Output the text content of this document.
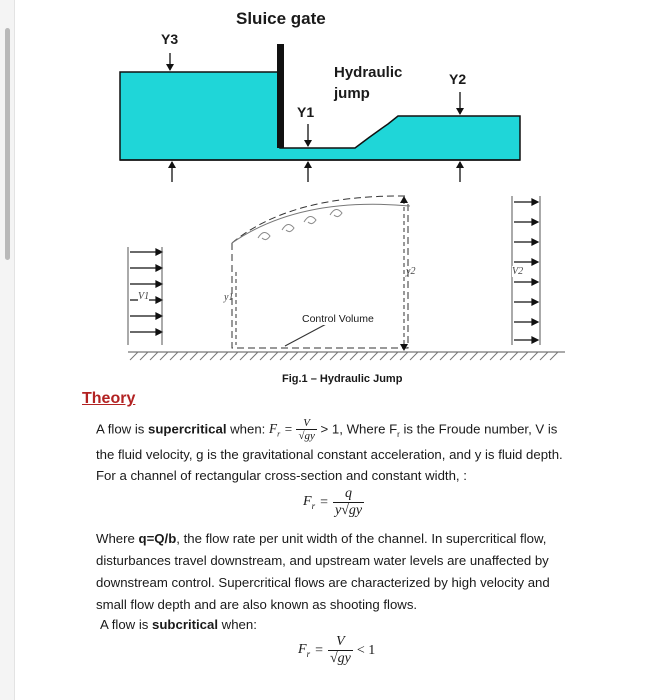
Sluice gate
Y3
Y1
Y2
Hydraulic
jump
V1	y1
V2
y2
Control Volume
Fig.1 – Hydraulic Jump
Theory
A flow is supercritical when: $F_r = \frac{V}{√gy} > 1$, Where $F_r$ is the Froude number, V is
the fluid velocity, g is the gravitational constant acceleration, and y is fluid depth.
For a channel of rectangular cross-section and constant width, :
$F_r = \frac{q}{y√gy}$
Where q=Q/b, the flow rate per unit width of the channel. In supercritical flow,
disturbances travel downstream, and upstream water levels are unaffected by
downstream control. Supercritical flows are characterized by high velocity and
small flow depth and are also known as shooting flows.
A flow is subcritical when:
$F_r = \frac{V}{√gy} < 1$
